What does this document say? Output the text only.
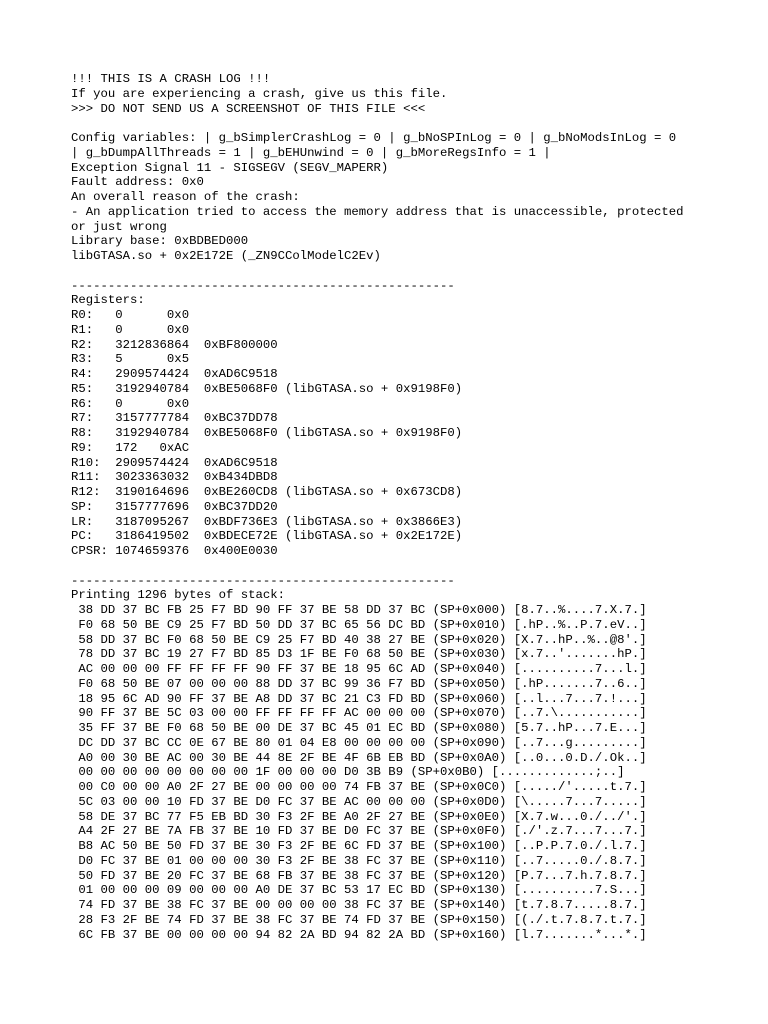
!!! THIS IS A CRASH LOG !!!
If you are experiencing a crash, give us this file.
>>> DO NOT SEND US A SCREENSHOT OF THIS FILE <<<
Config variables: | g_bSimplerCrashLog = 0 | g_bNoSPInLog = 0 | g_bNoModsInLog = 0
| g_bDumpAllThreads = 1 | g_bEHUnwind = 0 | g_bMoreRegsInfo = 1 |
Exception Signal 11 - SIGSEGV (SEGV_MAPERR)
Fault address: 0x0
An overall reason of the crash:
- An application tried to access the memory address that is unaccessible, protected
or just wrong
Library base: 0xBDBED000
libGTASA.so + 0x2E172E (_ZN9CColModelC2Ev)
----------------------------------------------------
Registers:
R0:   0      0x0
R1:   0      0x0
R2:   3212836864  0xBF800000
R3:   5      0x5
R4:   2909574424  0xAD6C9518
R5:   3192940784  0xBE5068F0 (libGTASA.so + 0x9198F0)
R6:   0      0x0
R7:   3157777784  0xBC37DD78
R8:   3192940784  0xBE5068F0 (libGTASA.so + 0x9198F0)
R9:   172   0xAC
R10:  2909574424  0xAD6C9518
R11:  3023363032  0xB434DBD8
R12:  3190164696  0xBE260CD8 (libGTASA.so + 0x673CD8)
SP:   3157777696  0xBC37DD20
LR:   3187095267  0xBDF736E3 (libGTASA.so + 0x3866E3)
PC:   3186419502  0xBDECE72E (libGTASA.so + 0x2E172E)
CPSR: 1074659376  0x400E0030
----------------------------------------------------
Printing 1296 bytes of stack:
38 DD 37 BC FB 25 F7 BD 90 FF 37 BE 58 DD 37 BC (SP+0x000) [8.7..%....7.X.7.]
F0 68 50 BE C9 25 F7 BD 50 DD 37 BC 65 56 DC BD (SP+0x010) [.hP..%..P.7.eV..]
58 DD 37 BC F0 68 50 BE C9 25 F7 BD 40 38 27 BE (SP+0x020) [X.7..hP..%..@8'.]
78 DD 37 BC 19 27 F7 BD 85 D3 1F BE F0 68 50 BE (SP+0x030) [x.7..'.......hP.]
AC 00 00 00 FF FF FF FF 90 FF 37 BE 18 95 6C AD (SP+0x040) [..........7...l.]
F0 68 50 BE 07 00 00 00 88 DD 37 BC 99 36 F7 BD (SP+0x050) [.hP.......7..6..]
18 95 6C AD 90 FF 37 BE A8 DD 37 BC 21 C3 FD BD (SP+0x060) [..l...7...7.!...]
90 FF 37 BE 5C 03 00 00 FF FF FF FF AC 00 00 00 (SP+0x070) [..7.\...........]
35 FF 37 BE F0 68 50 BE 00 DE 37 BC 45 01 EC BD (SP+0x080) [5.7..hP...7.E...]
DC DD 37 BC CC 0E 67 BE 80 01 04 E8 00 00 00 00 (SP+0x090) [..7...g.........]
A0 00 30 BE AC 00 30 BE 44 8E 2F BE 4F 6B EB BD (SP+0x0A0) [..0...0.D./.Ok..]
00 00 00 00 00 00 00 00 1F 00 00 00 D0 3B B9 (SP+0x0B0) [.............;..]
00 C0 00 00 A0 2F 27 BE 00 00 00 00 74 FB 37 BE (SP+0x0C0) [...../'.....t.7.]
5C 03 00 00 10 FD 37 BE D0 FC 37 BE AC 00 00 00 (SP+0x0D0) [\.....7...7.....]
58 DE 37 BC 77 F5 EB BD 30 F3 2F BE A0 2F 27 BE (SP+0x0E0) [X.7.w...0./../'.]
A4 2F 27 BE 7A FB 37 BE 10 FD 37 BE D0 FC 37 BE (SP+0x0F0) [./'.z.7...7...7.]
B8 AC 50 BE 50 FD 37 BE 30 F3 2F BE 6C FD 37 BE (SP+0x100) [..P.P.7.0./.l.7.]
D0 FC 37 BE 01 00 00 00 30 F3 2F BE 38 FC 37 BE (SP+0x110) [..7.....0./.8.7.]
50 FD 37 BE 20 FC 37 BE 68 FB 37 BE 38 FC 37 BE (SP+0x120) [P.7...7.h.7.8.7.]
01 00 00 00 09 00 00 00 A0 DE 37 BC 53 17 EC BD (SP+0x130) [..........7.S...]
74 FD 37 BE 38 FC 37 BE 00 00 00 00 38 FC 37 BE (SP+0x140) [t.7.8.7.....8.7.]
28 F3 2F BE 74 FD 37 BE 38 FC 37 BE 74 FD 37 BE (SP+0x150) [(./.t.7.8.7.t.7.]
6C FB 37 BE 00 00 00 00 94 82 2A BD 94 82 2A BD (SP+0x160) [l.7.......*...*.]
